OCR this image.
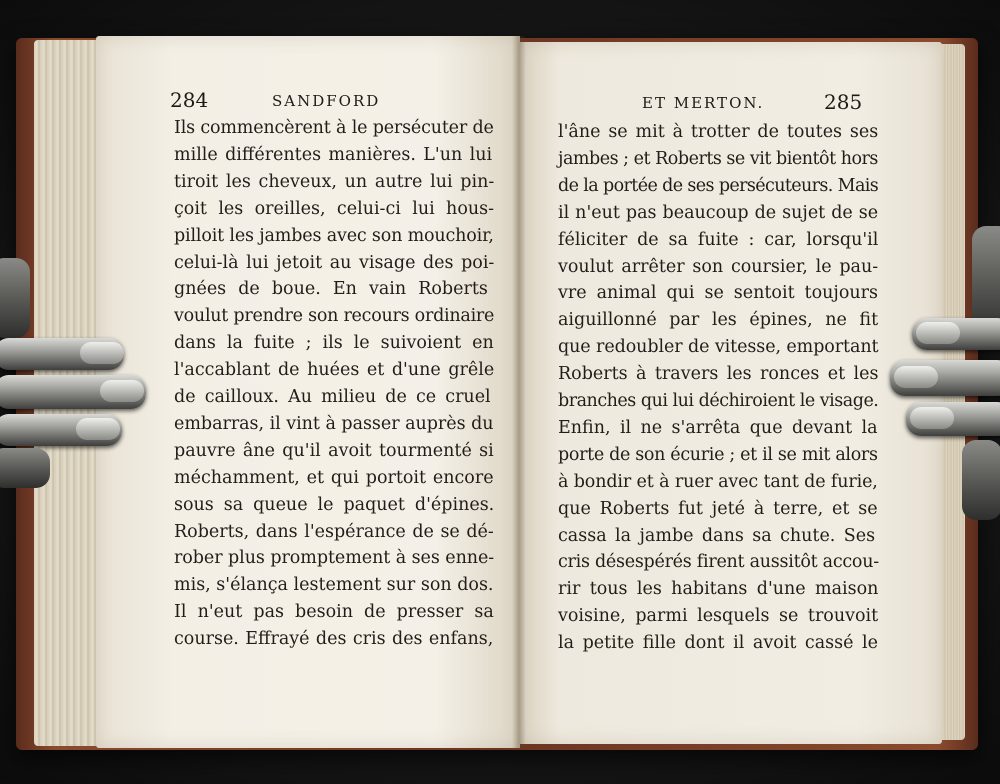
284	SANDFORD
Ils commencèrent à le persécuter de
mille différentes manières. L'un lui
tiroit les cheveux, un autre lui pin-
çoit les oreilles, celui-ci lui hous-
pilloit les jambes avec son mouchoir,
celui-là lui jetoit au visage des poi-
gnées de boue. En vain Roberts
voulut prendre son recours ordinaire
dans la fuite ; ils le suivoient en
l'accablant de huées et d'une grêle
de cailloux. Au milieu de ce cruel
embarras, il vint à passer auprès du
pauvre âne qu'il avoit tourmenté si
méchamment, et qui portoit encore
sous sa queue le paquet d'épines.
Roberts, dans l'espérance de se dé-
rober plus promptement à ses enne-
mis, s'élança lestement sur son dos.
Il n'eut pas besoin de presser sa
course. Effrayé des cris des enfans,
ET MERTON.	285
l'âne se mit à trotter de toutes ses
jambes ; et Roberts se vit bientôt hors
de la portée de ses persécuteurs. Mais
il n'eut pas beaucoup de sujet de se
féliciter de sa fuite : car, lorsqu'il
voulut arrêter son coursier, le pau-
vre animal qui se sentoit toujours
aiguillonné par les épines, ne fit
que redoubler de vitesse, emportant
Roberts à travers les ronces et les
branches qui lui déchiroient le visage.
Enfin, il ne s'arrêta que devant la
porte de son écurie ; et il se mit alors
à bondir et à ruer avec tant de furie,
que Roberts fut jeté à terre, et se
cassa la jambe dans sa chute. Ses
cris désespérés firent aussitôt accou-
rir tous les habitans d'une maison
voisine, parmi lesquels se trouvoit
la petite fille dont il avoit cassé le
